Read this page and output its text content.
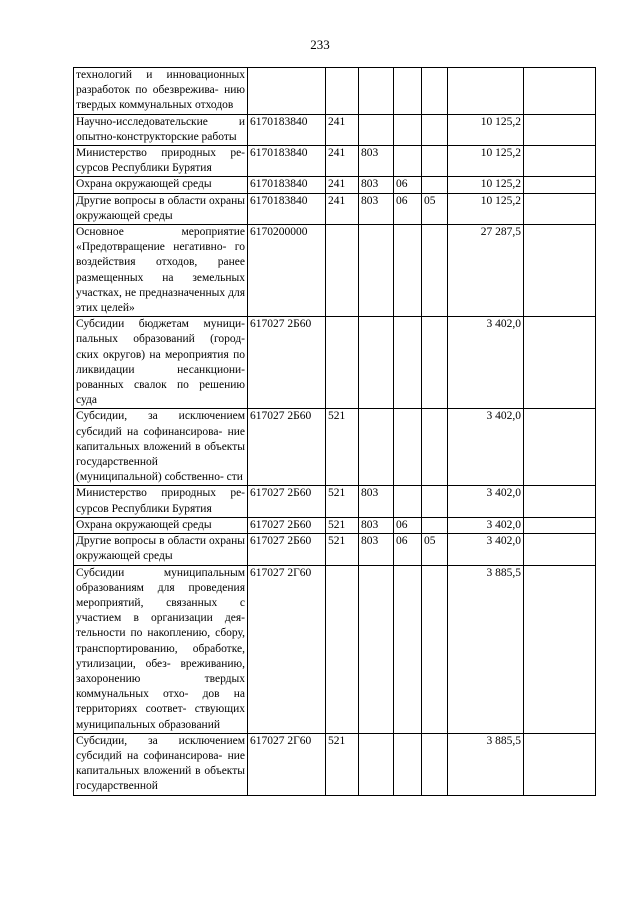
233
технологий и инновационных разработок по обезврежива- нию твердых коммунальных отходов							
Научно-исследовательские и опытно-конструкторские работы	6170183840	241				10 125,2	
Министерство природных ре- сурсов Республики Бурятия	6170183840	241	803			10 125,2	
Охрана окружающей среды	6170183840	241	803	06		10 125,2	
Другие вопросы в области охраны окружающей среды	6170183840	241	803	06	05	10 125,2	
Основное мероприятие «Предотвращение негативно- го воздействия отходов, ранее размещенных на земельных участках, не предназначенных для этих целей»	6170200000					27 287,5	
Субсидии бюджетам муници- пальных образований (город- ских округов) на мероприятия по ликвидации несанкциони- рованных свалок по решению суда	617027 2Б60					3 402,0	
Субсидии, за исключением субсидий на софинансирова- ние капитальных вложений в объекты государственной (муниципальной) собственно- сти	617027 2Б60	521				3 402,0	
Министерство природных ре- сурсов Республики Бурятия	617027 2Б60	521	803			3 402,0	
Охрана окружающей среды	617027 2Б60	521	803	06		3 402,0	
Другие вопросы в области охраны окружающей среды	617027 2Б60	521	803	06	05	3 402,0	
Субсидии муниципальным образованиям для проведения мероприятий, связанных с участием в организации дея- тельности по накоплению, сбору, транспортированию, обработке, утилизации, обез- вреживанию, захоронению твердых коммунальных отхо- дов на территориях соответ- ствующих муниципальных образований	617027 2Г60					3 885,5	
Субсидии, за исключением субсидий на софинансирова- ние капитальных вложений в объекты государственной	617027 2Г60	521				3 885,5	
